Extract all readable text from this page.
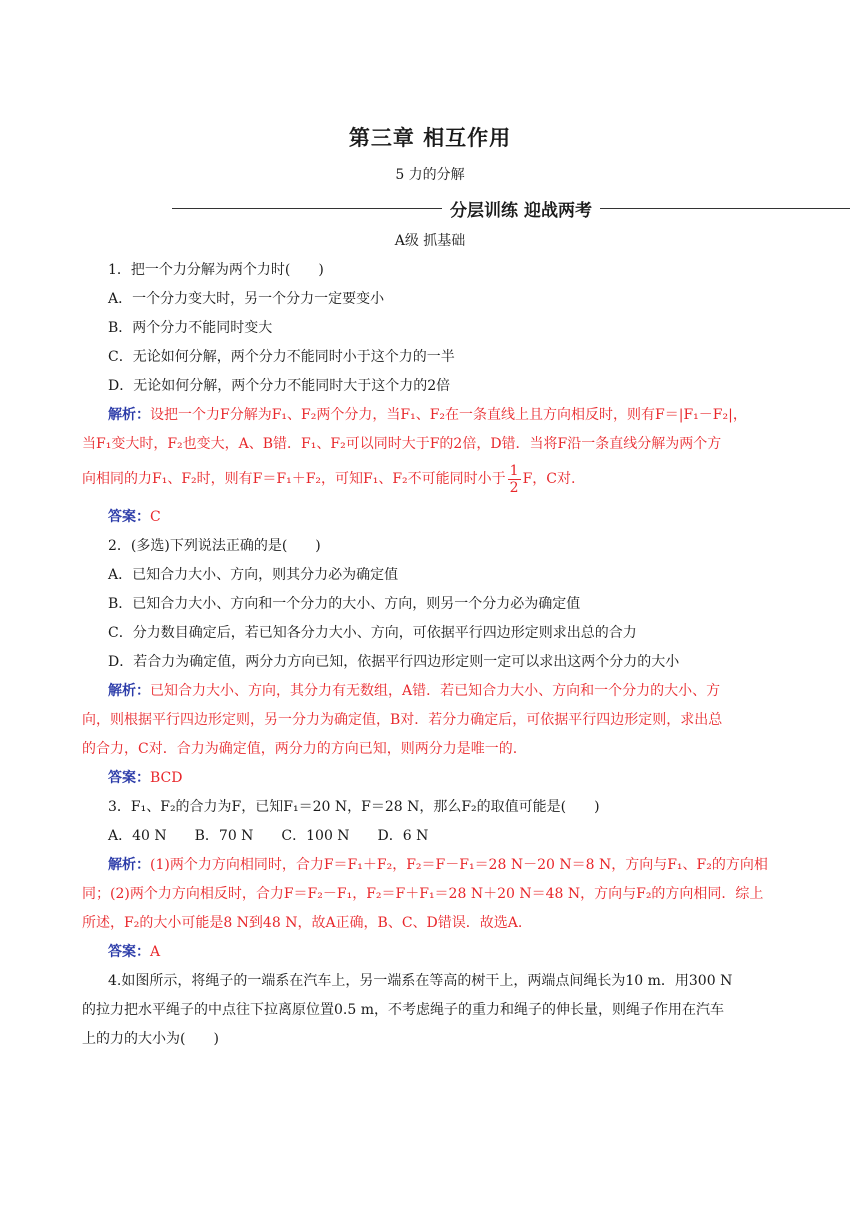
第三章 相互作用
5 力的分解
分层训练 迎战两考
A级 抓基础
1．把一个力分解为两个力时(　　)
A．一个分力变大时，另一个分力一定要变小
B．两个分力不能同时变大
C．无论如何分解，两个分力不能同时小于这个力的一半
D．无论如何分解，两个分力不能同时大于这个力的2倍
解析：设把一个力F分解为F₁、F₂两个分力，当F₁、F₂在一条直线上且方向相反时，则有F＝|F₁－F₂|，
当F₁变大时，F₂也变大，A、B错．F₁、F₂可以同时大于F的2倍，D错．当将F沿一条直线分解为两个方
向相同的力F₁、F₂时，则有F＝F₁＋F₂，可知F₁、F₂不可能同时小于 $\frac{1}{2}$ F，C对.
答案：C
2．(多选)下列说法正确的是(　　)
A．已知合力大小、方向，则其分力必为确定值
B．已知合力大小、方向和一个分力的大小、方向，则另一个分力必为确定值
C．分力数目确定后，若已知各分力大小、方向，可依据平行四边形定则求出总的合力
D．若合力为确定值，两分力方向已知，依据平行四边形定则一定可以求出这两个分力的大小
解析：已知合力大小、方向，其分力有无数组，A错．若已知合力大小、方向和一个分力的大小、方
向，则根据平行四边形定则，另一分力为确定值，B对．若分力确定后，可依据平行四边形定则，求出总
的合力，C对．合力为确定值，两分力的方向已知，则两分力是唯一的.
答案：BCD
3．F₁、F₂的合力为F，已知F₁＝20 N，F＝28 N，那么F₂的取值可能是(　　)
A．40 N　　B．70 N　　C．100 N　　D．6 N
解析：(1)两个力方向相同时，合力F＝F₁＋F₂，F₂＝F－F₁＝28 N－20 N＝8 N，方向与F₁、F₂的方向相
同；(2)两个力方向相反时，合力F＝F₂－F₁，F₂＝F＋F₁＝28 N＋20 N＝48 N，方向与F₂的方向相同．综上
所述，F₂的大小可能是8 N到48 N，故A正确，B、C、D错误．故选A.
答案：A
4.如图所示，将绳子的一端系在汽车上，另一端系在等高的树干上，两端点间绳长为10 m．用300 N
的拉力把水平绳子的中点往下拉离原位置0.5 m，不考虑绳子的重力和绳子的伸长量，则绳子作用在汽车
上的力的大小为(　　)
